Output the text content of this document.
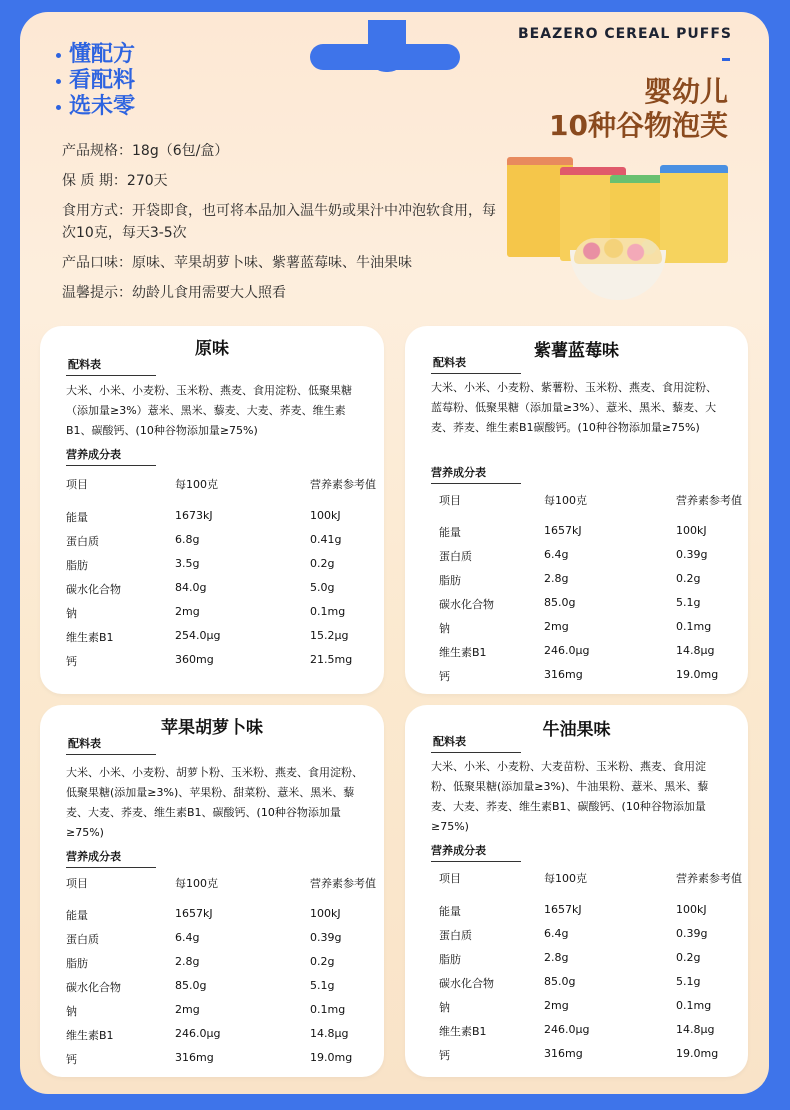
懂配方
看配料
选未零
BEAZERO CEREAL PUFFS
婴幼儿
10种谷物泡芙
产品规格：18g（6包/盒）
保 质 期：270天
食用方式：开袋即食，也可将本品加入温牛奶或果汁中冲泡软食用，每次10克，每天3-5次
产品口味：原味、苹果胡萝卜味、紫薯蓝莓味、牛油果味
温馨提示：幼龄儿食用需要大人照看
原味
配料表
大米、小米、小麦粉、玉米粉、燕麦、食用淀粉、低聚果糖（添加量≥3%）薏米、黑米、藜麦、大麦、荞麦、维生素B1、碳酸钙、(10种谷物添加量≥75%)
营养成分表
项目	每100克	营养素参考值
能量	1673kJ	100kJ
蛋白质	6.8g	0.41g
脂肪	3.5g	0.2g
碳水化合物	84.0g	5.0g
钠	2mg	0.1mg
维生素B1	254.0μg	15.2μg
钙	360mg	21.5mg
紫薯蓝莓味
配料表
大米、小米、小麦粉、紫薯粉、玉米粉、燕麦、食用淀粉、蓝莓粉、低聚果糖（添加量≥3%）、薏米、黑米、藜麦、大麦、荞麦、维生素B1碳酸钙。(10种谷物添加量≥75%)
营养成分表
项目	每100克	营养素参考值
能量	1657kJ	100kJ
蛋白质	6.4g	0.39g
脂肪	2.8g	0.2g
碳水化合物	85.0g	5.1g
钠	2mg	0.1mg
维生素B1	246.0μg	14.8μg
钙	316mg	19.0mg
苹果胡萝卜味
配料表
大米、小米、小麦粉、胡萝卜粉、玉米粉、燕麦、食用淀粉、低聚果糖(添加量≥3%)、苹果粉、甜菜粉、薏米、黑米、藜麦、大麦、荞麦、维生素B1、碳酸钙、(10种谷物添加量≥75%)
营养成分表
项目	每100克	营养素参考值
能量	1657kJ	100kJ
蛋白质	6.4g	0.39g
脂肪	2.8g	0.2g
碳水化合物	85.0g	5.1g
钠	2mg	0.1mg
维生素B1	246.0μg	14.8μg
钙	316mg	19.0mg
牛油果味
配料表
大米、小米、小麦粉、大麦苗粉、玉米粉、燕麦、食用淀粉、低聚果糖(添加量≥3%)、牛油果粉、薏米、黑米、藜麦、大麦、荞麦、维生素B1、碳酸钙、(10种谷物添加量≥75%)
营养成分表
项目	每100克	营养素参考值
能量	1657kJ	100kJ
蛋白质	6.4g	0.39g
脂肪	2.8g	0.2g
碳水化合物	85.0g	5.1g
钠	2mg	0.1mg
维生素B1	246.0μg	14.8μg
钙	316mg	19.0mg
